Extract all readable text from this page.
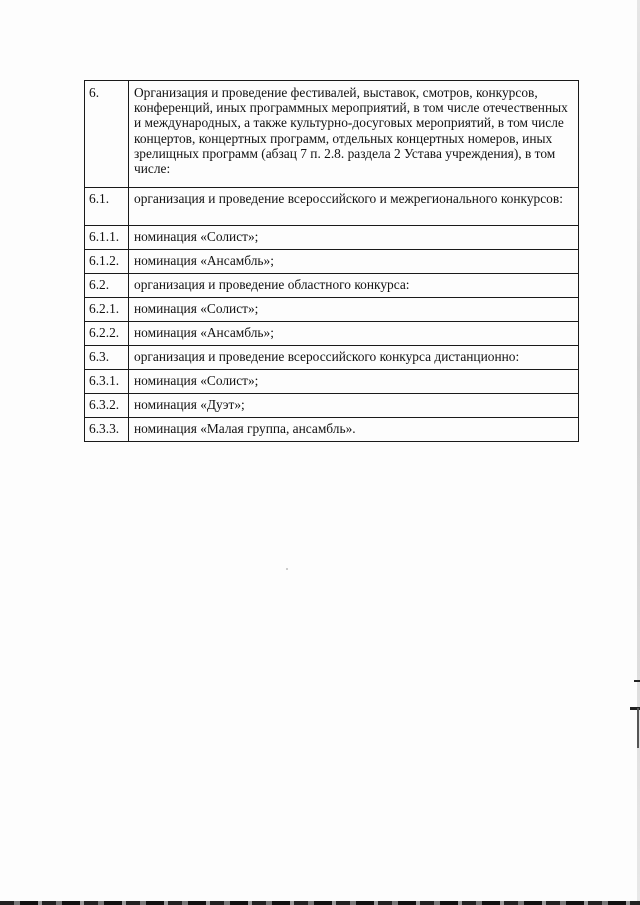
6.	Организация и проведение фестивалей, выставок, смотров, конкурсов, конференций, иных программных мероприятий, в том числе отечественных и международных, а также культурно-досуговых мероприятий, в том числе концертов, концертных программ, отдельных концертных номеров, иных зрелищных программ (абзац 7 п. 2.8. раздела 2 Устава учреждения), в том числе:
6.1.	организация и проведение всероссийского и межрегионального конкурсов:
6.1.1.	номинация «Солист»;
6.1.2.	номинация «Ансамбль»;
6.2.	организация и проведение областного конкурса:
6.2.1.	номинация «Солист»;
6.2.2.	номинация «Ансамбль»;
6.3.	организация и проведение всероссийского конкурса дистанционно:
6.3.1.	номинация «Солист»;
6.3.2.	номинация «Дуэт»;
6.3.3.	номинация «Малая группа, ансамбль».
